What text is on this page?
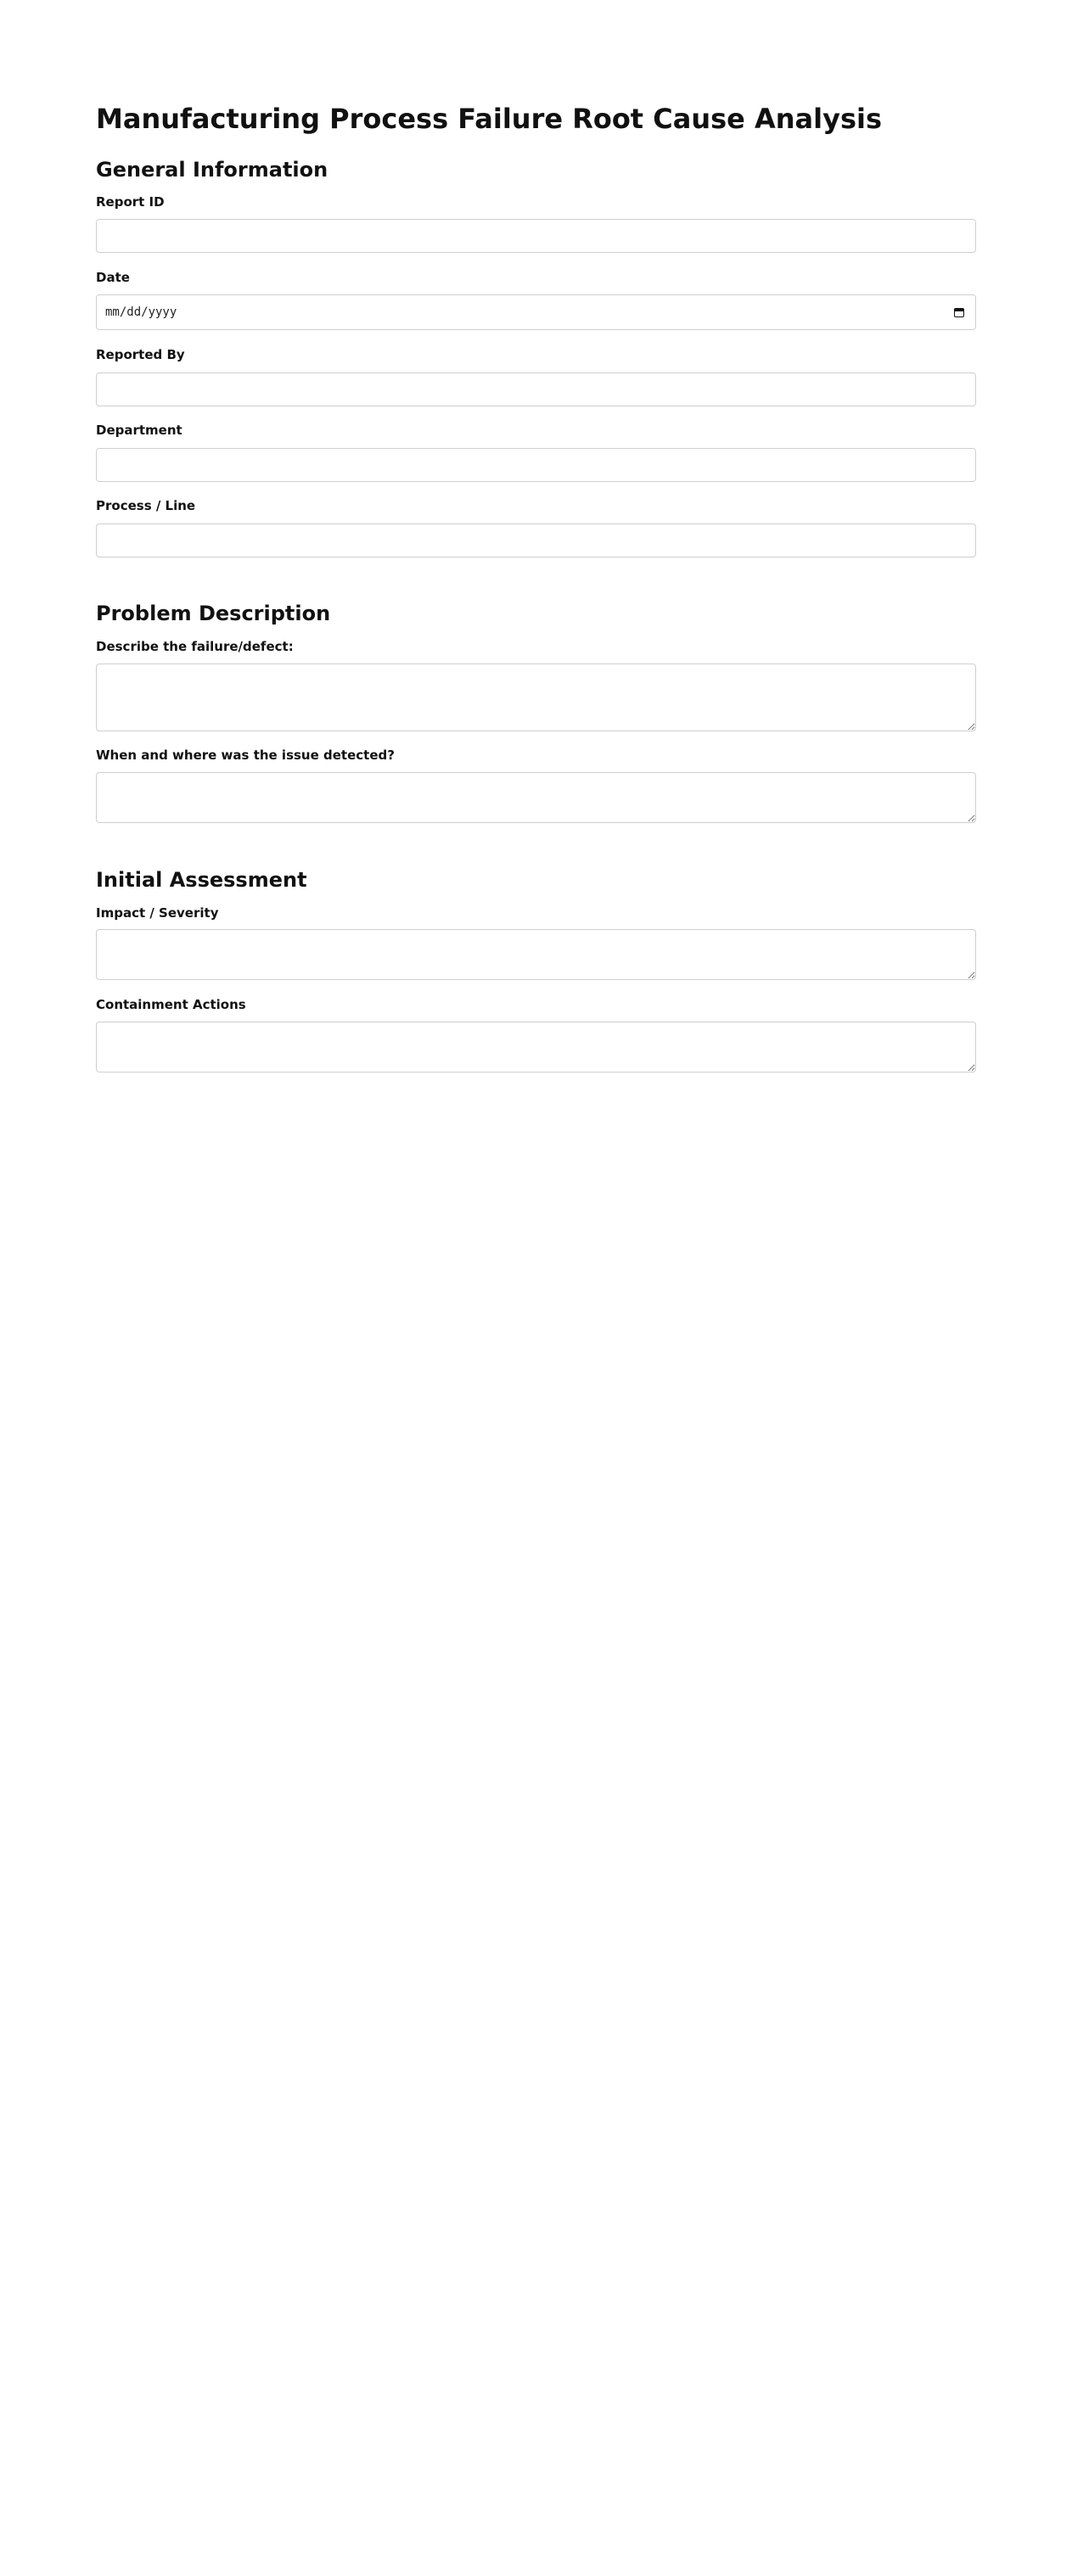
Manufacturing Process Failure Root Cause Analysis
General Information
Report ID
Date
mm/dd/yyyy
Reported By
Department
Process / Line
Problem Description
Describe the failure/defect:
When and where was the issue detected?
Initial Assessment
Impact / Severity
Containment Actions
